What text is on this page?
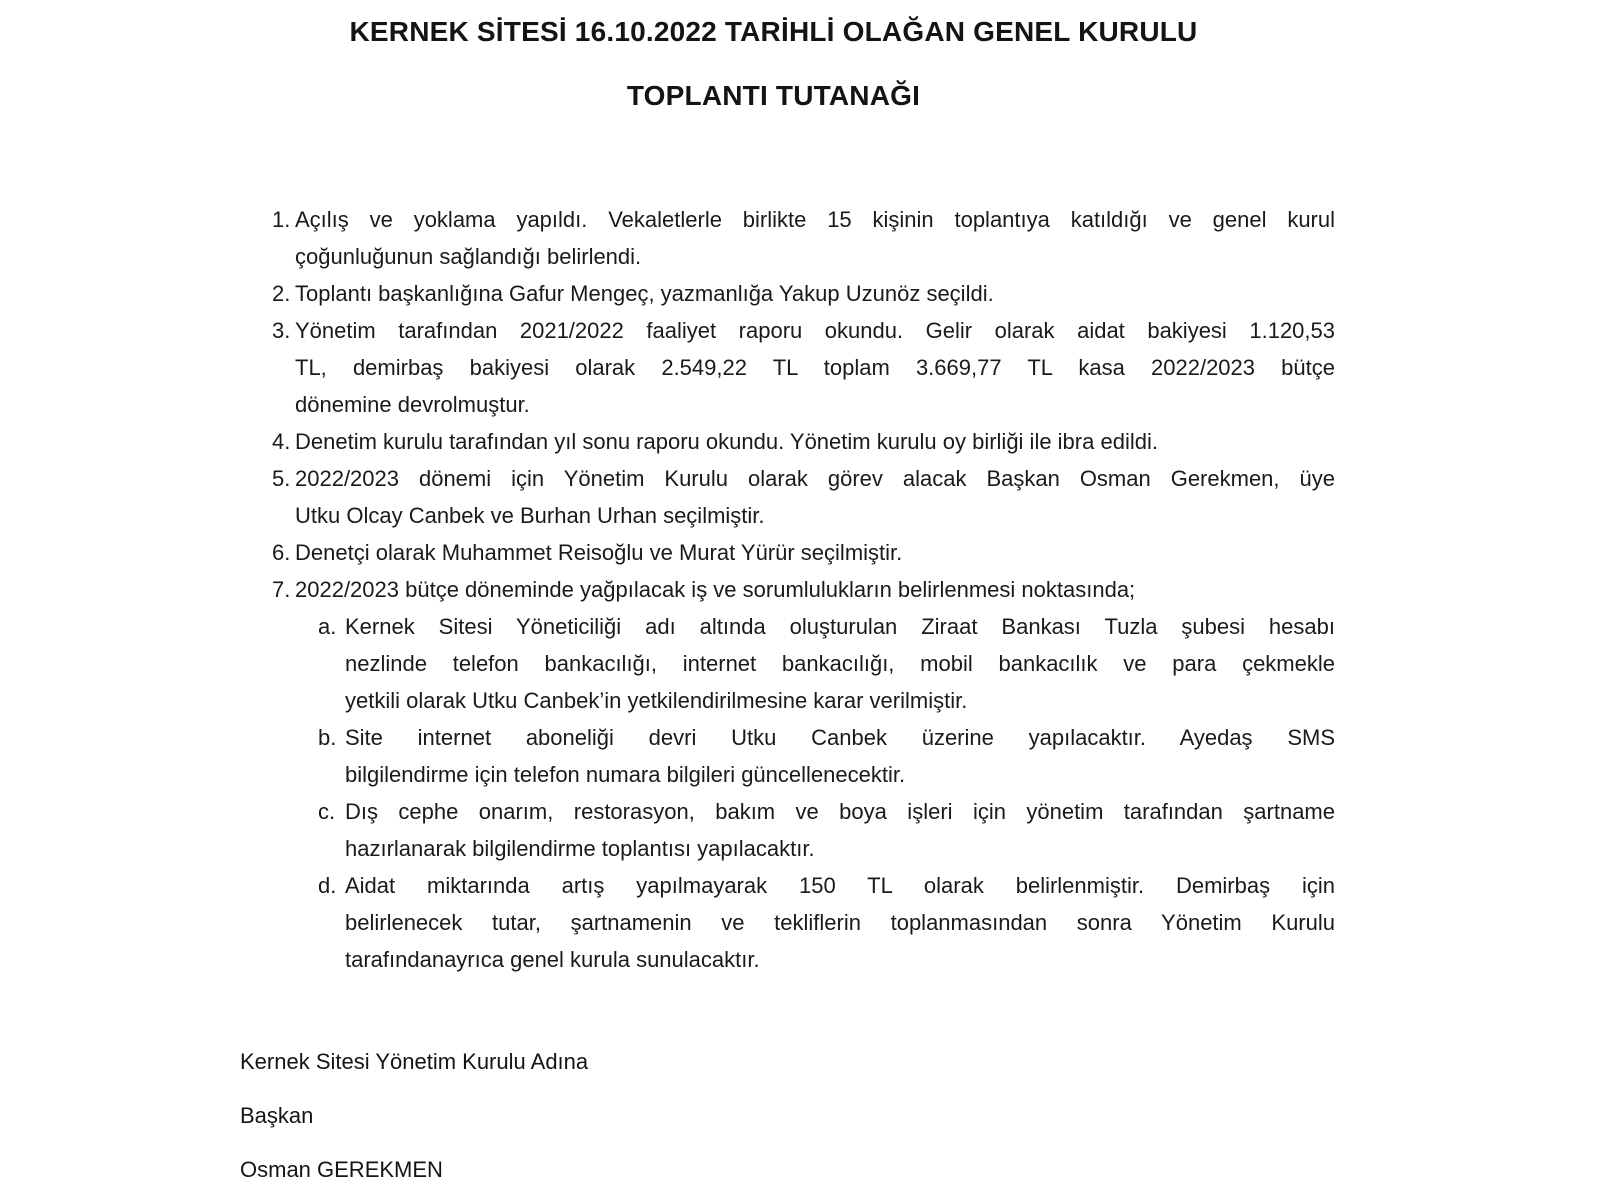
KERNEK SİTESİ 16.10.2022 TARİHLİ OLAĞAN GENEL KURULU
TOPLANTI TUTANAĞI
1. Açılış ve yoklama yapıldı. Vekaletlerle birlikte 15 kişinin toplantıya katıldığı ve genel kurul
çoğunluğunun sağlandığı belirlendi.
2. Toplantı başkanlığına Gafur Mengeç, yazmanlığa Yakup Uzunöz seçildi.
3. Yönetim tarafından 2021/2022 faaliyet raporu okundu. Gelir olarak aidat bakiyesi 1.120,53
TL, demirbaş bakiyesi olarak 2.549,22 TL toplam 3.669,77 TL kasa 2022/2023 bütçe
dönemine devrolmuştur.
4. Denetim kurulu tarafından yıl sonu raporu okundu. Yönetim kurulu oy birliği ile ibra edildi.
5. 2022/2023 dönemi için Yönetim Kurulu olarak görev alacak Başkan Osman Gerekmen, üye
Utku Olcay Canbek ve Burhan Urhan seçilmiştir.
6. Denetçi olarak Muhammet Reisoğlu ve Murat Yürür seçilmiştir.
7. 2022/2023 bütçe döneminde yağpılacak iş ve sorumlulukların belirlenmesi noktasında;
a. Kernek Sitesi Yöneticiliği adı altında oluşturulan Ziraat Bankası Tuzla şubesi hesabı
nezlinde telefon bankacılığı, internet bankacılığı, mobil bankacılık ve para çekmekle
yetkili olarak Utku Canbek’in yetkilendirilmesine karar verilmiştir.
b. Site internet aboneliği devri Utku Canbek üzerine yapılacaktır. Ayedaş SMS
bilgilendirme için telefon numara bilgileri güncellenecektir.
c. Dış cephe onarım, restorasyon, bakım ve boya işleri için yönetim tarafından şartname
hazırlanarak bilgilendirme toplantısı yapılacaktır.
d. Aidat miktarında artış yapılmayarak 150 TL olarak belirlenmiştir. Demirbaş için
belirlenecek tutar, şartnamenin ve tekliflerin toplanmasından sonra Yönetim Kurulu
tarafındanayrıca genel kurula sunulacaktır.
Kernek Sitesi Yönetim Kurulu Adına
Başkan
Osman GEREKMEN
